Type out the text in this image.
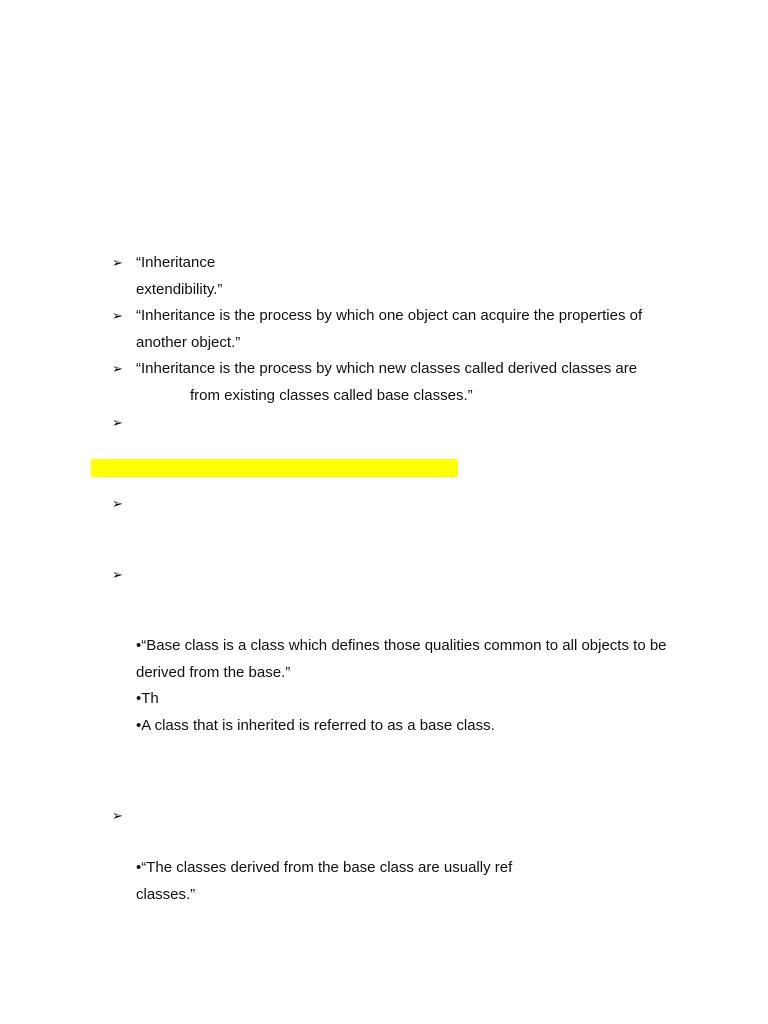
➢
➢
➢
➢
➢
➢
➢
“Inheritance
extendibility.”
“Inheritance is the process by which one object can acquire the properties of
another object.”
“Inheritance is the process by which new classes called derived classes are
from existing classes called base classes.”
•“Base class is a class which defines those qualities common to all objects to be
derived from the base.”
•Th
•A class that is inherited is referred to as a base class.
•“The classes derived from the base class are usually ref
classes.”
